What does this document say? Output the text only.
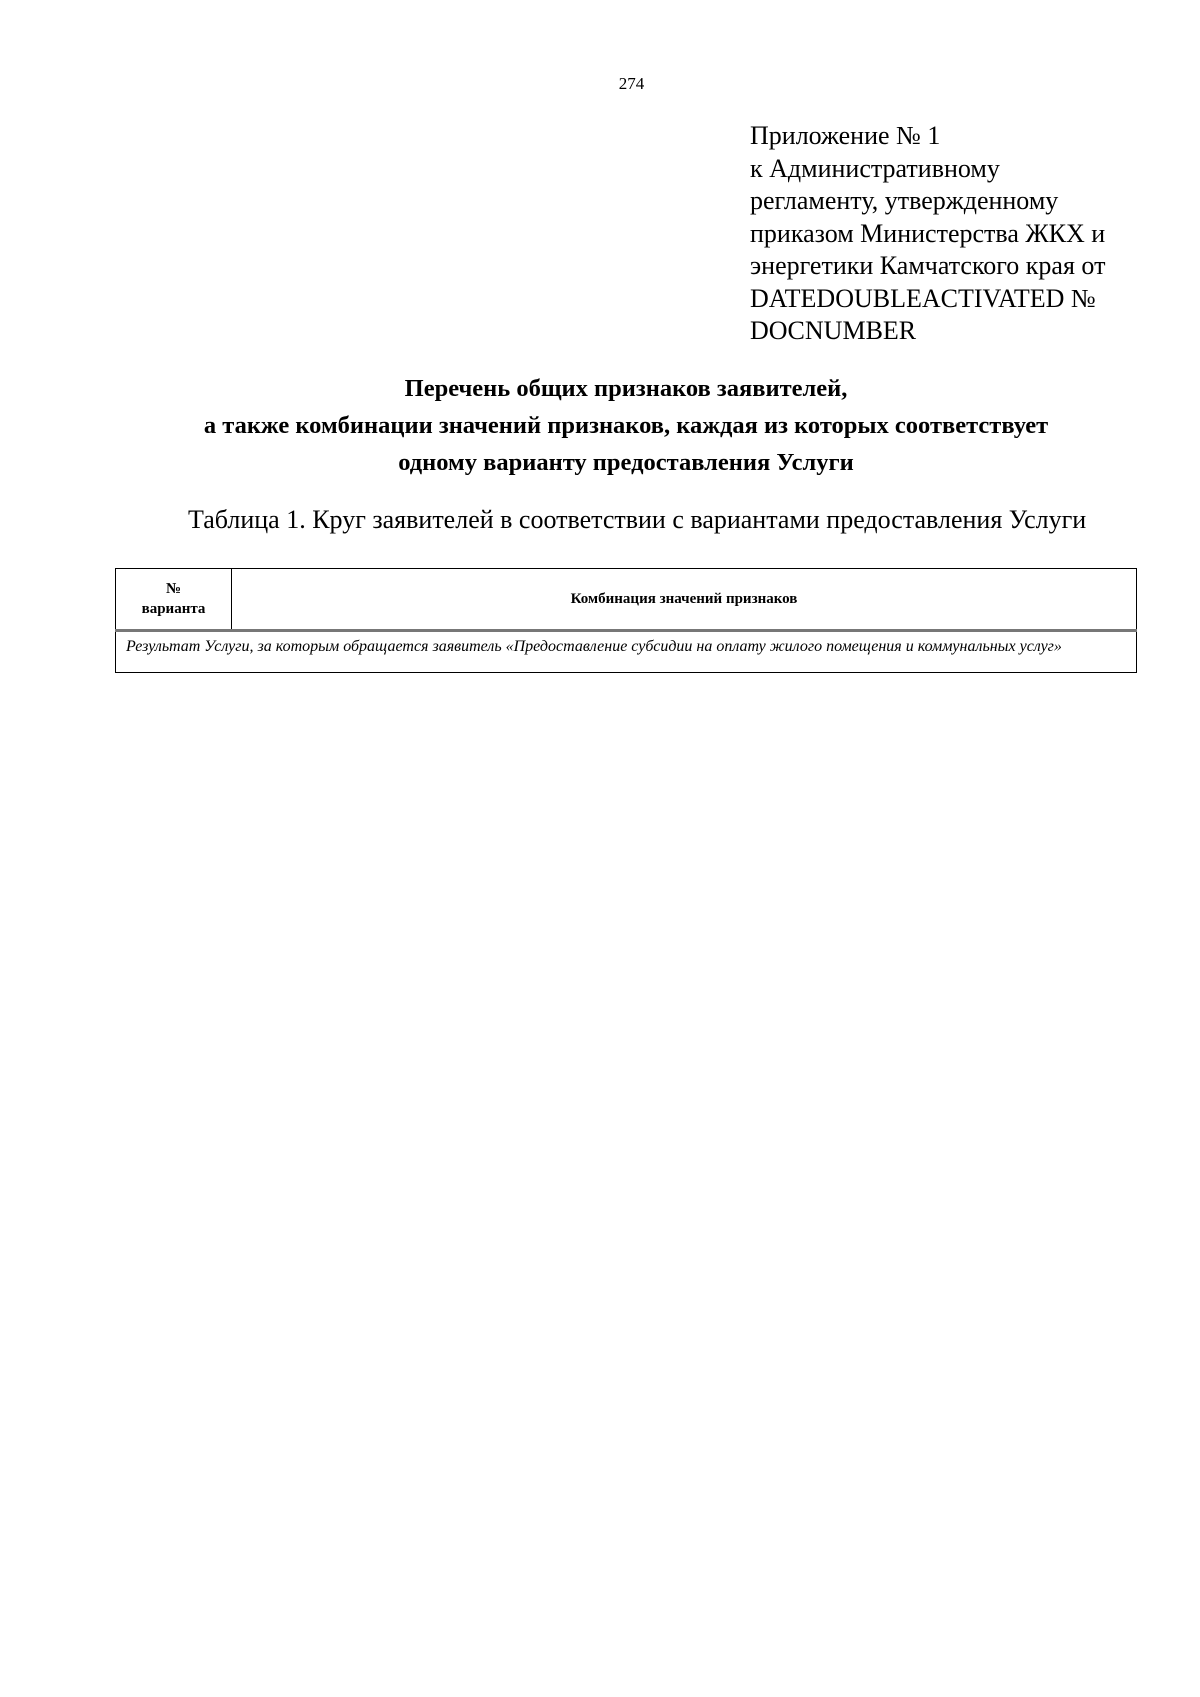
274
Приложение № 1
к Административному
регламенту, утвержденному
приказом Министерства ЖКХ и
энергетики Камчатского края от
DATEDOUBLEACTIVATED №
DOCNUMBER
Перечень общих признаков заявителей,
а также комбинации значений признаков, каждая из которых соответствует
одному варианту предоставления Услуги
Таблица 1. Круг заявителей в соответствии с вариантами предоставления Услуги
№
варианта
	Комбинация значений признаков
Результат Услуги, за которым обращается заявитель «Предоставление субсидии на оплату жилого помещения и коммунальных услуг»
